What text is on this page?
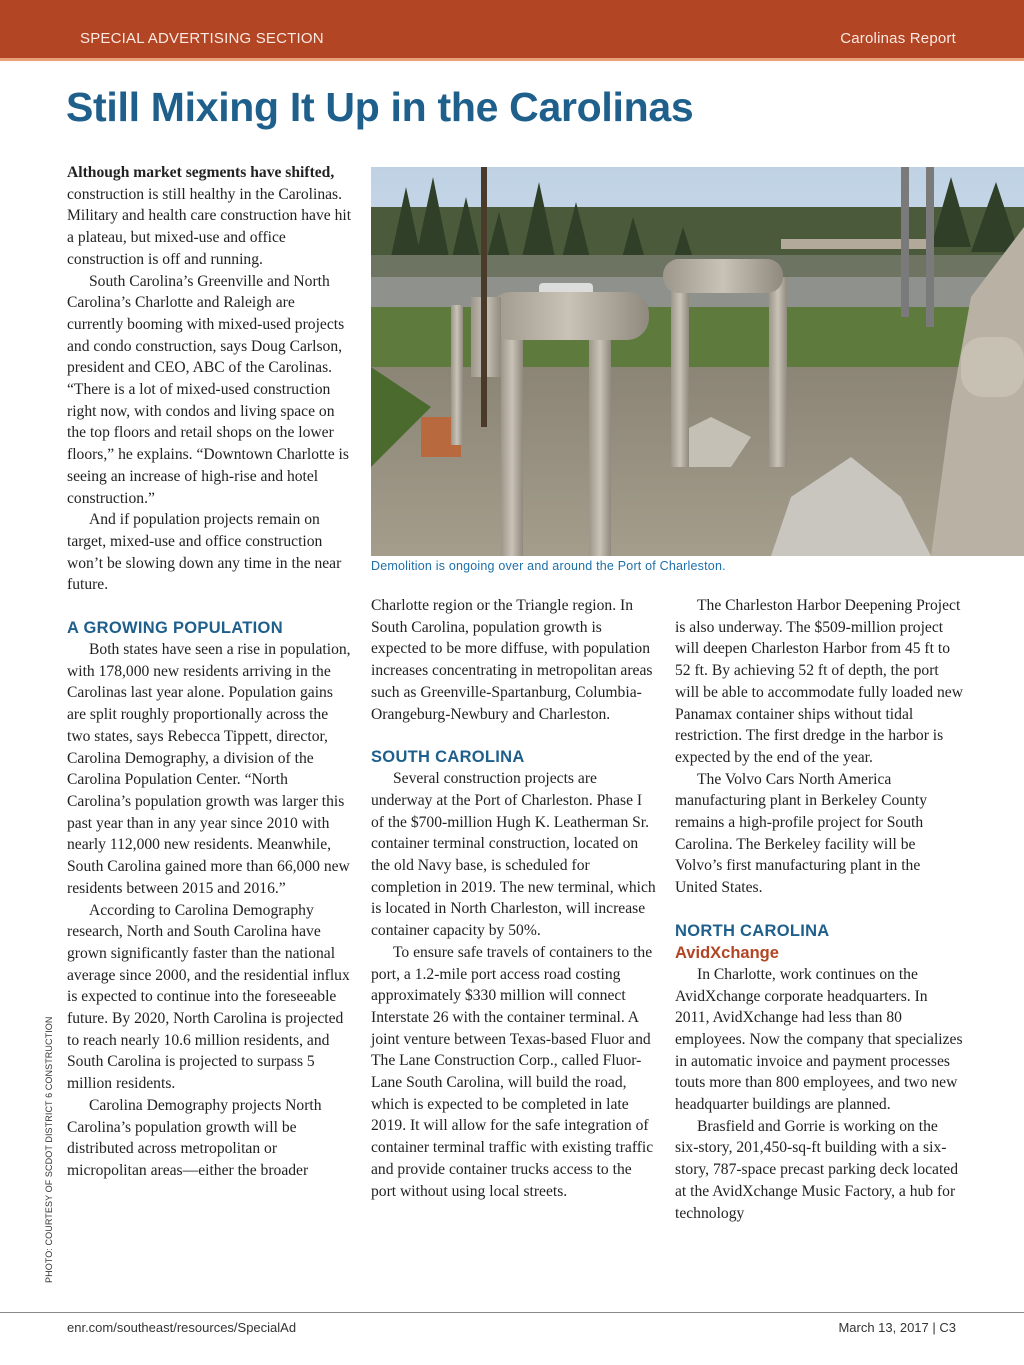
SPECIAL ADVERTISING SECTION	Carolinas Report
Still Mixing It Up in the Carolinas

Although market segments have shifted, construction is still healthy in the Carolinas. Military and health care construction have hit a plateau, but mixed-use and office construction is off and running.

South Carolina’s Greenville and North Carolina’s Charlotte and Raleigh are currently booming with mixed-used projects and condo construction, says Doug Carlson, president and CEO, ABC of the Carolinas. “There is a lot of mixed-used construction right now, with condos and living space on the top floors and retail shops on the lower floors,” he explains. “Downtown Charlotte is seeing an increase of high-rise and hotel construction.”

And if population projects remain on target, mixed-use and office construction won’t be slowing down any time in the near future.

A GROWING POPULATION

Both states have seen a rise in population, with 178,000 new residents arriving in the Carolinas last year alone. Population gains are split roughly proportionally across the two states, says Rebecca Tippett, director, Carolina Demography, a division of the Carolina Population Center. “North Carolina’s population growth was larger this past year than in any year since 2010 with nearly 112,000 new residents. Meanwhile, South Carolina gained more than 66,000 new residents between 2015 and 2016.”

According to Carolina Demography research, North and South Carolina have grown significantly faster than the national average since 2000, and the residential influx is expected to continue into the foreseeable future. By 2020, North Carolina is projected to reach nearly 10.6 million residents, and South Carolina is projected to surpass 5 million residents.

Carolina Demography projects North Carolina’s population growth will be distributed across metropolitan or micropolitan areas—either the broader

Demolition is ongoing over and around the Port of Charleston.

Charlotte region or the Triangle region. In South Carolina, population growth is expected to be more diffuse, with population increases concentrating in metropolitan areas such as Greenville-Spartanburg, Columbia-Orangeburg-Newbury and Charleston.

SOUTH CAROLINA

Several construction projects are underway at the Port of Charleston. Phase I of the $700-million Hugh K. Leatherman Sr. container terminal construction, located on the old Navy base, is scheduled for completion in 2019. The new terminal, which is located in North Charleston, will increase container capacity by 50%.

To ensure safe travels of containers to the port, a 1.2-mile port access road costing approximately $330 million will connect Interstate 26 with the container terminal. A joint venture between Texas-based Fluor and The Lane Construction Corp., called Fluor-Lane South Carolina, will build the road, which is expected to be completed in late 2019. It will allow for the safe integration of container terminal traffic with existing traffic and provide container trucks access to the port without using local streets.

The Charleston Harbor Deepening Project is also underway. The $509-million project will deepen Charleston Harbor from 45 ft to 52 ft. By achieving 52 ft of depth, the port will be able to accommodate fully loaded new Panamax container ships without tidal restriction. The first dredge in the harbor is expected by the end of the year.

The Volvo Cars North America manufacturing plant in Berkeley County remains a high-profile project for South Carolina. The Berkeley facility will be Volvo’s first manufacturing plant in the United States.

NORTH CAROLINA
AvidXchange

In Charlotte, work continues on the AvidXchange corporate headquarters. In 2011, AvidXchange had less than 80 employees. Now the company that specializes in automatic invoice and payment processes touts more than 800 employees, and two new headquarter buildings are planned.

Brasfield and Gorrie is working on the six-story, 201,450-sq-ft building with a six-story, 787-space precast parking deck located at the AvidXchange Music Factory, a hub for technology

PHOTO: COURTESY OF SCDOT DISTRICT 6 CONSTRUCTION
enr.com/southeast/resources/SpecialAd	March 13, 2017 | C3
